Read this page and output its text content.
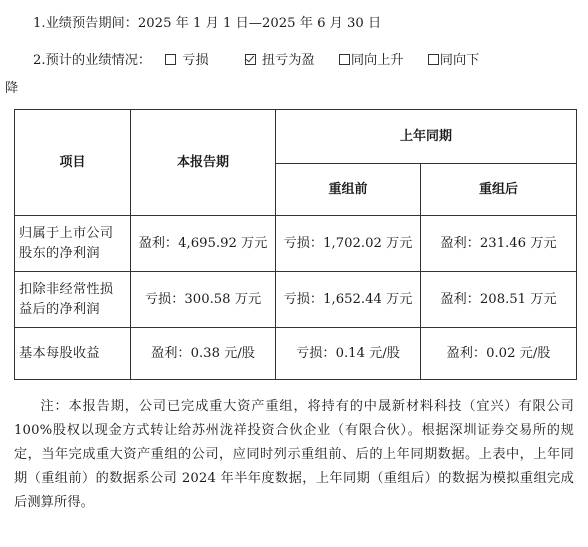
1.业绩预告期间：2025 年 1 月 1 日—2025 年 6 月 30 日
2.预计的业绩情况： 亏损	扭亏为盈	同向上升	同向下
降
项目	本报告期	上年同期	
		重组前	重组后
归属于上市公司股东的净利润	盈利：4,695.92 万元	亏损：1,702.02 万元	盈利：231.46 万元
扣除非经常性损益后的净利润	亏损：300.58 万元	亏损：1,652.44 万元	盈利：208.51 万元
基本每股收益	盈利：0.38 元/股	亏损：0.14 元/股	盈利：0.02 元/股
注：本报告期，公司已完成重大资产重组，将持有的中晟新材料科技（宜兴）有限公司 100%股权以现金方式转让给苏州泷祥投资合伙企业（有限合伙）。根据深圳证券交易所的规定，当年完成重大资产重组的公司，应同时列示重组前、后的上年同期数据。上表中，上年同期（重组前）的数据系公司 2024 年半年度数据，上年同期（重组后）的数据为模拟重组完成后测算所得。
